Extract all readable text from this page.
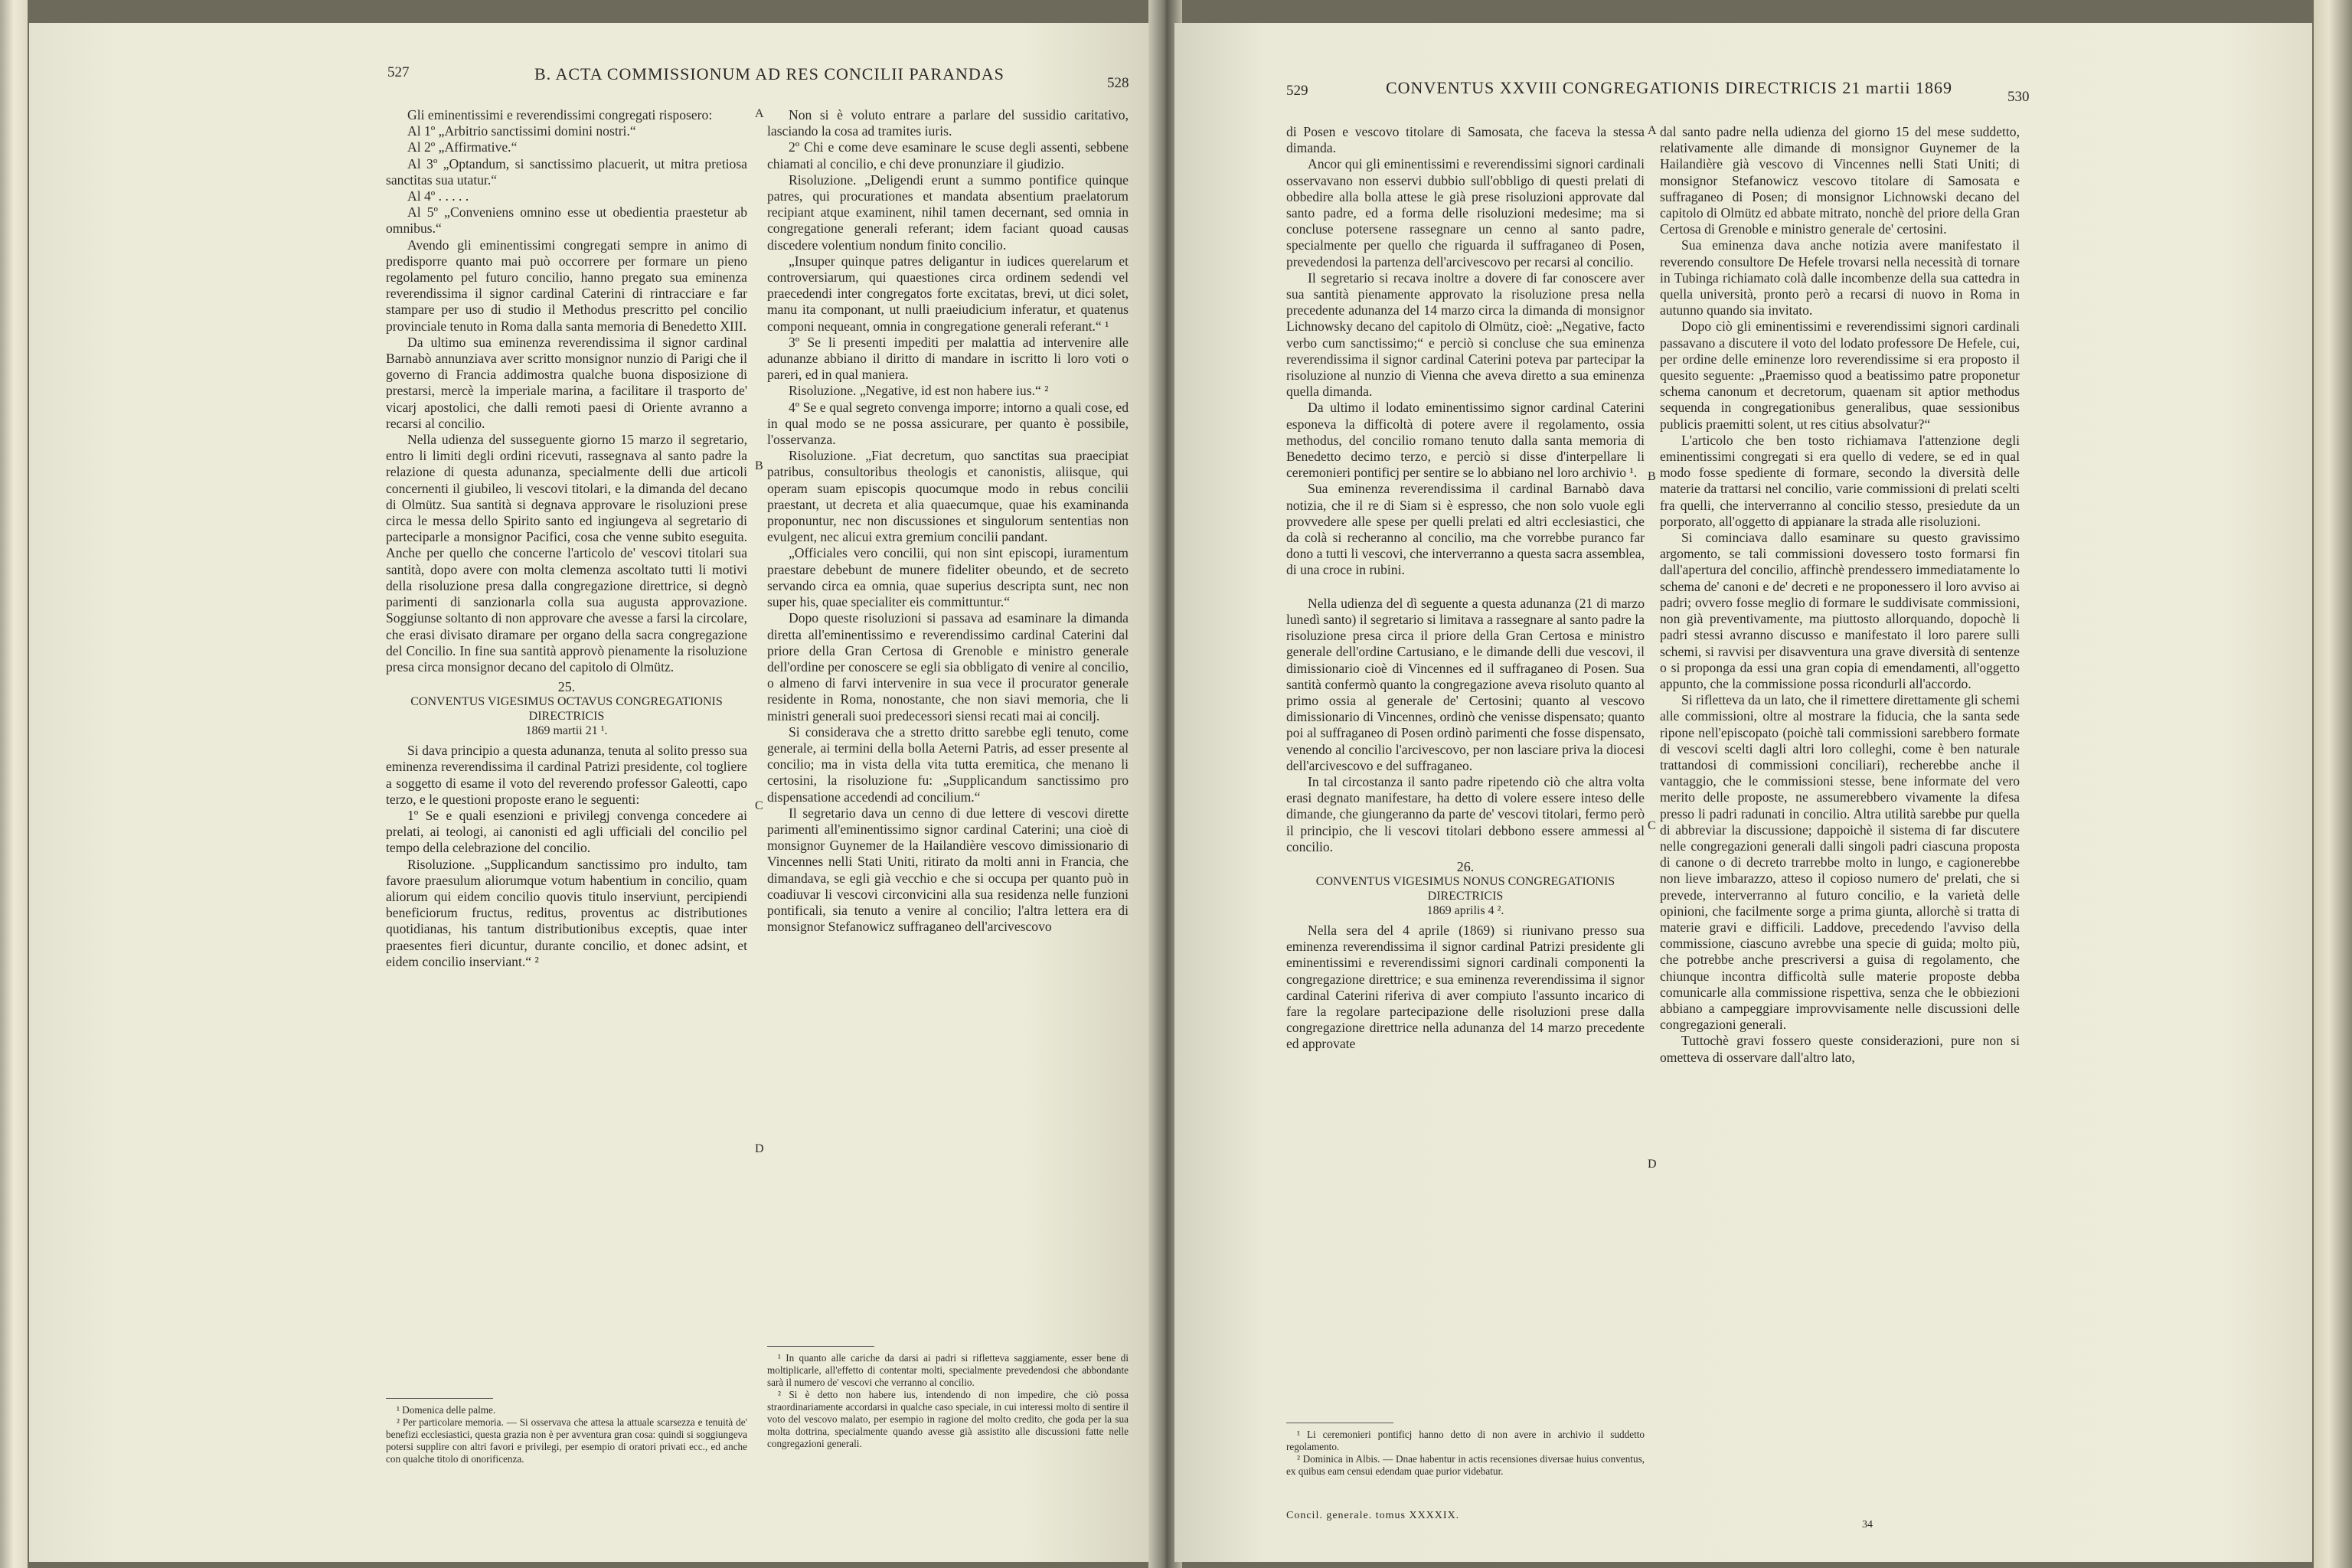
527	B. ACTA COMMISSIONUM AD RES CONCILII PARANDAS	528

Gli eminentissimi e reverendissimi congregati risposero:

Al 1º „Arbitrio sanctissimi domini nostri.“

Al 2º „Affirmative.“

Al 3º „Optandum, si sanctissimo placuerit, ut mitra pretiosa sanctitas sua utatur.“

Al 4º . . . . .

Al 5º „Conveniens omnino esse ut obedientia praestetur ab omnibus.“

Avendo gli eminentissimi congregati sempre in animo di predisporre quanto mai può occorrere per formare un pieno regolamento pel futuro concilio, hanno pregato sua eminenza reverendissima il signor cardinal Caterini di rintracciare e far stampare per uso di studio il Methodus prescritto pel concilio provinciale tenuto in Roma dalla santa memoria di Benedetto XIII.

Da ultimo sua eminenza reverendissima il signor cardinal Barnabò annunziava aver scritto monsignor nunzio di Parigi che il governo di Francia addimostra qualche buona disposizione di prestarsi, mercè la imperiale marina, a facilitare il trasporto de' vicarj apostolici, che dalli remoti paesi di Oriente avranno a recarsi al concilio.

Nella udienza del susseguente giorno 15 marzo il segretario, entro li limiti degli ordini ricevuti, rassegnava al santo padre la relazione di questa adunanza, specialmente delli due articoli concernenti il giubileo, li vescovi titolari, e la dimanda del decano di Olmütz. Sua santità si degnava approvare le risoluzioni prese circa le messa dello Spirito santo ed ingiungeva al segretario di parteciparle a monsignor Pacifici, cosa che venne subito eseguita. Anche per quello che concerne l'articolo de' vescovi titolari sua santità, dopo avere con molta clemenza ascoltato tutti li motivi della risoluzione presa dalla congregazione direttrice, si degnò parimenti di sanzionarla colla sua augusta approvazione. Soggiunse soltanto di non approvare che avesse a farsi la circolare, che erasi divisato diramare per organo della sacra congregazione del Concilio. In fine sua santità approvò pienamente la risoluzione presa circa monsignor decano del capitolo di Olmütz.

25.
CONVENTUS VIGESIMUS OCTAVUS CONGREGATIONIS
DIRECTRICIS
1869 martii 21 ¹.

Si dava principio a questa adunanza, tenuta al solito presso sua eminenza reverendissima il cardinal Patrizi presidente, col togliere a soggetto di esame il voto del reverendo professor Galeotti, capo terzo, e le questioni proposte erano le seguenti:

1º Se e quali esenzioni e privilegj convenga concedere ai prelati, ai teologi, ai canonisti ed agli ufficiali del concilio pel tempo della celebrazione del concilio.

Risoluzione. „Supplicandum sanctissimo pro indulto, tam favore praesulum aliorumque votum habentium in concilio, quam aliorum qui eidem concilio quovis titulo inserviunt, percipiendi beneficiorum fructus, reditus, proventus ac distributiones quotidianas, his tantum distributionibus exceptis, quae inter praesentes fieri dicuntur, durante concilio, et donec adsint, et eidem concilio inserviant.“ ²

¹ Domenica delle palme.

² Per particolare memoria. — Si osservava che attesa la attuale scarsezza e tenuità de' benefizi ecclesiastici, questa grazia non è per avventura gran cosa: quindi si soggiungeva potersi supplire con altri favori e privilegi, per esempio di oratori privati ecc., ed anche con qualche titolo di onorificenza.

A
B
C
D

Non si è voluto entrare a parlare del sussidio caritativo, lasciando la cosa ad tramites iuris.

2º Chi e come deve esaminare le scuse degli assenti, sebbene chiamati al concilio, e chi deve pronunziare il giudizio.

Risoluzione. „Deligendi erunt a summo pontifice quinque patres, qui procurationes et mandata absentium praelatorum recipiant atque examinent, nihil tamen decernant, sed omnia in congregatione generali referant; idem faciant quoad causas discedere volentium nondum finito concilio.

„Insuper quinque patres deligantur in iudices querelarum et controversiarum, qui quaestiones circa ordinem sedendi vel praecedendi inter congregatos forte excitatas, brevi, ut dici solet, manu ita componant, ut nulli praeiudicium inferatur, et quatenus componi nequeant, omnia in congregatione generali referant.“ ¹

3º Se li presenti impediti per malattia ad intervenire alle adunanze abbiano il diritto di mandare in iscritto li loro voti o pareri, ed in qual maniera.

Risoluzione. „Negative, id est non habere ius.“ ²

4º Se e qual segreto convenga imporre; intorno a quali cose, ed in qual modo se ne possa assicurare, per quanto è possibile, l'osservanza.

Risoluzione. „Fiat decretum, quo sanctitas sua praecipiat patribus, consultoribus theologis et canonistis, aliisque, qui operam suam episcopis quocumque modo in rebus concilii praestant, ut decreta et alia quaecumque, quae his examinanda proponuntur, nec non discussiones et singulorum sententias non evulgent, nec alicui extra gremium concilii pandant.

„Officiales vero concilii, qui non sint episcopi, iuramentum praestare debebunt de munere fideliter obeundo, et de secreto servando circa ea omnia, quae superius descripta sunt, nec non super his, quae specialiter eis committuntur.“

Dopo queste risoluzioni si passava ad esaminare la dimanda diretta all'eminentissimo e reverendissimo cardinal Caterini dal priore della Gran Certosa di Grenoble e ministro generale dell'ordine per conoscere se egli sia obbligato di venire al concilio, o almeno di farvi intervenire in sua vece il procurator generale residente in Roma, nonostante, che non siavi memoria, che li ministri generali suoi predecessori siensi recati mai ai concilj.

Si considerava che a stretto dritto sarebbe egli tenuto, come generale, ai termini della bolla Aeterni Patris, ad esser presente al concilio; ma in vista della vita tutta eremitica, che menano li certosini, la risoluzione fu: „Supplicandum sanctissimo pro dispensatione accedendi ad concilium.“

Il segretario dava un cenno di due lettere di vescovi dirette parimenti all'eminentissimo signor cardinal Caterini; una cioè di monsignor Guynemer de la Hailandière vescovo dimissionario di Vincennes nelli Stati Uniti, ritirato da molti anni in Francia, che dimandava, se egli già vecchio e che si occupa per quanto può in coadiuvar li vescovi circonvicini alla sua residenza nelle funzioni pontificali, sia tenuto a venire al concilio; l'altra lettera era di monsignor Stefanowicz suffraganeo dell'arcivescovo

¹ In quanto alle cariche da darsi ai padri si rifletteva saggiamente, esser bene di moltiplicarle, all'effetto di contentar molti, specialmente prevedendosi che abbondante sarà il numero de' vescovi che verranno al concilio.

² Si è detto non habere ius, intendendo di non impedire, che ciò possa straordinariamente accordarsi in qualche caso speciale, in cui interessi molto di sentire il voto del vescovo malato, per esempio in ragione del molto credito, che goda per la sua molta dottrina, specialmente quando avesse già assistito alle discussioni fatte nelle congregazioni generali.

529	CONVENTUS XXVIII CONGREGATIONIS DIRECTRICIS 21 martii 1869	530

di Posen e vescovo titolare di Samosata, che faceva la stessa dimanda.

Ancor qui gli eminentissimi e reverendissimi signori cardinali osservavano non esservi dubbio sull'obbligo di questi prelati di obbedire alla bolla attese le già prese risoluzioni approvate dal santo padre, ed a forma delle risoluzioni medesime; ma si concluse potersene rassegnare un cenno al santo padre, specialmente per quello che riguarda il suffraganeo di Posen, prevedendosi la partenza dell'arcivescovo per recarsi al concilio.

Il segretario si recava inoltre a dovere di far conoscere aver sua santità pienamente approvato la risoluzione presa nella precedente adunanza del 14 marzo circa la dimanda di monsignor Lichnowsky decano del capitolo di Olmütz, cioè: „Negative, facto verbo cum sanctissimo;“ e perciò si concluse che sua eminenza reverendissima il signor cardinal Caterini poteva par partecipar la risoluzione al nunzio di Vienna che aveva diretto a sua eminenza quella dimanda.

Da ultimo il lodato eminentissimo signor cardinal Caterini esponeva la difficoltà di potere avere il regolamento, ossia methodus, del concilio romano tenuto dalla santa memoria di Benedetto decimo terzo, e perciò si disse d'interpellare li ceremonieri pontificj per sentire se lo abbiano nel loro archivio ¹.

Sua eminenza reverendissima il cardinal Barnabò dava notizia, che il re di Siam si è espresso, che non solo vuole egli provvedere alle spese per quelli prelati ed altri ecclesiastici, che da colà si recheranno al concilio, ma che vorrebbe puranco far dono a tutti li vescovi, che interverranno a questa sacra assemblea, di una croce in rubini.

Nella udienza del dì seguente a questa adunanza (21 di marzo lunedì santo) il segretario si limitava a rassegnare al santo padre la risoluzione presa circa il priore della Gran Certosa e ministro generale dell'ordine Cartusiano, e le dimande delli due vescovi, il dimissionario cioè di Vincennes ed il suffraganeo di Posen. Sua santità confermò quanto la congregazione aveva risoluto quanto al primo ossia al generale de' Certosini; quanto al vescovo dimissionario di Vincennes, ordinò che venisse dispensato; quanto poi al suffraganeo di Posen ordinò parimenti che fosse dispensato, venendo al concilio l'arcivescovo, per non lasciare priva la diocesi dell'arcivescovo e del suffraganeo.

In tal circostanza il santo padre ripetendo ciò che altra volta erasi degnato manifestare, ha detto di volere essere inteso delle dimande, che giungeranno da parte de' vescovi titolari, fermo però il principio, che li vescovi titolari debbono essere ammessi al concilio.

26.
CONVENTUS VIGESIMUS NONUS CONGREGATIONIS
DIRECTRICIS
1869 aprilis 4 ².

Nella sera del 4 aprile (1869) si riunivano presso sua eminenza reverendissima il signor cardinal Patrizi presidente gli eminentissimi e reverendissimi signori cardinali componenti la congregazione direttrice; e sua eminenza reverendissima il signor cardinal Caterini riferiva di aver compiuto l'assunto incarico di fare la regolare partecipazione delle risoluzioni prese dalla congregazione direttrice nella adunanza del 14 marzo precedente ed approvate

¹ Li ceremonieri pontificj hanno detto di non avere in archivio il suddetto regolamento.

² Dominica in Albis. — Dnae habentur in actis recensiones diversae huius conventus, ex quibus eam censui edendam quae purior videbatur.

Concil. generale. tomus XXXXIX.
A
B
C
D

dal santo padre nella udienza del giorno 15 del mese suddetto, relativamente alle dimande di monsignor Guynemer de la Hailandière già vescovo di Vincennes nelli Stati Uniti; di monsignor Stefanowicz vescovo titolare di Samosata e suffraganeo di Posen; di monsignor Lichnowski decano del capitolo di Olmütz ed abbate mitrato, nonchè del priore della Gran Certosa di Grenoble e ministro generale de' certosini.

Sua eminenza dava anche notizia avere manifestato il reverendo consultore De Hefele trovarsi nella necessità di tornare in Tubinga richiamato colà dalle incombenze della sua cattedra in quella università, pronto però a recarsi di nuovo in Roma in autunno quando sia invitato.

Dopo ciò gli eminentissimi e reverendissimi signori cardinali passavano a discutere il voto del lodato professore De Hefele, cui, per ordine delle eminenze loro reverendissime si era proposto il quesito seguente: „Praemisso quod a beatissimo patre proponetur schema canonum et decretorum, quaenam sit aptior methodus sequenda in congregationibus generalibus, quae sessionibus publicis praemitti solent, ut res citius absolvatur?“

L'articolo che ben tosto richiamava l'attenzione degli eminentissimi congregati si era quello di vedere, se ed in qual modo fosse spediente di formare, secondo la diversità delle materie da trattarsi nel concilio, varie commissioni di prelati scelti fra quelli, che interverranno al concilio stesso, presiedute da un porporato, all'oggetto di appianare la strada alle risoluzioni.

Si cominciava dallo esaminare su questo gravissimo argomento, se tali commissioni dovessero tosto formarsi fin dall'apertura del concilio, affinchè prendessero immediatamente lo schema de' canoni e de' decreti e ne proponessero il loro avviso ai padri; ovvero fosse meglio di formare le suddivisate commissioni, non già preventivamente, ma piuttosto allorquando, dopochè li padri stessi avranno discusso e manifestato il loro parere sulli schemi, si ravvisi per disavventura una grave diversità di sentenze o si proponga da essi una gran copia di emendamenti, all'oggetto appunto, che la commissione possa ricondurli all'accordo.

Si rifletteva da un lato, che il rimettere direttamente gli schemi alle commissioni, oltre al mostrare la fiducia, che la santa sede ripone nell'episcopato (poichè tali commissioni sarebbero formate di vescovi scelti dagli altri loro colleghi, come è ben naturale trattandosi di commissioni conciliari), recherebbe anche il vantaggio, che le commissioni stesse, bene informate del vero merito delle proposte, ne assumerebbero vivamente la difesa presso li padri radunati in concilio. Altra utilità sarebbe pur quella di abbreviar la discussione; dappoichè il sistema di far discutere nelle congregazioni generali dalli singoli padri ciascuna proposta di canone o di decreto trarrebbe molto in lungo, e cagionerebbe non lieve imbarazzo, atteso il copioso numero de' prelati, che si prevede, interverranno al futuro concilio, e la varietà delle opinioni, che facilmente sorge a prima giunta, allorchè si tratta di materie gravi e difficili. Laddove, precedendo l'avviso della commissione, ciascuno avrebbe una specie di guida; molto più, che potrebbe anche prescriversi a guisa di regolamento, che chiunque incontra difficoltà sulle materie proposte debba comunicarle alla commissione rispettiva, senza che le obbiezioni abbiano a campeggiare improvvisamente nelle discussioni delle congregazioni generali.

Tuttochè gravi fossero queste considerazioni, pure non si ometteva di osservare dall'altro lato,

34
